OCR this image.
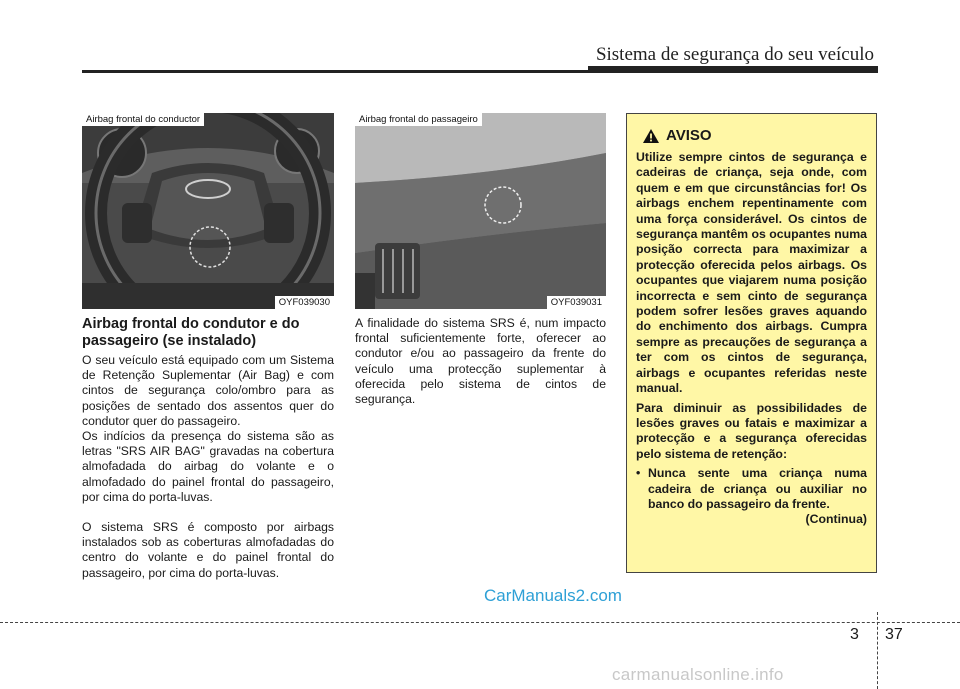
Sistema de segurança do seu veículo
Airbag frontal do conductor
OYF039030
Airbag frontal do passageiro
OYF039031
Airbag frontal do condutor e do passageiro (se instalado)

O seu veículo está equipado com um Sistema de Retenção Suplementar (Air Bag) e com cintos de segurança colo/ombro para as posições de sentado dos assentos quer do condutor quer do passageiro.

Os indícios da presença do sistema são as letras "SRS AIR BAG" gravadas na cobertura almofadada do airbag do volante e o almofadado do painel frontal do passageiro, por cima do porta-luvas.

O sistema SRS é composto por airbags instalados sob as coberturas almofadadas do centro do volante e do painel frontal do passageiro, por cima do porta-luvas.

A finalidade do sistema SRS é, num impacto frontal suficientemente forte, oferecer ao condutor e/ou ao passageiro da frente do veículo uma protecção suplementar à oferecida pelo sistema de cintos de segurança.

AVISO

Utilize sempre cintos de segurança e cadeiras de criança, seja onde, com quem e em que circunstâncias for! Os airbags enchem repentinamente com uma força considerável. Os cintos de segurança mantêm os ocupantes numa posição correcta para maximizar a protecção oferecida pelos airbags. Os ocupantes que viajarem numa posição incorrecta e sem cinto de segurança podem sofrer lesões graves aquando do enchimento dos airbags. Cumpra sempre as precauções de segurança a ter com os cintos de segurança, airbags e ocupantes referidas neste manual.

Para diminuir as possibilidades de lesões graves ou fatais e maximizar a protecção e a segurança oferecidas pelo sistema de retenção:

• Nunca sente uma criança numa cadeira de criança ou auxiliar no banco do passageiro da frente.
(Continua)
CarManuals2.com
3 37
carmanualsonline.info
